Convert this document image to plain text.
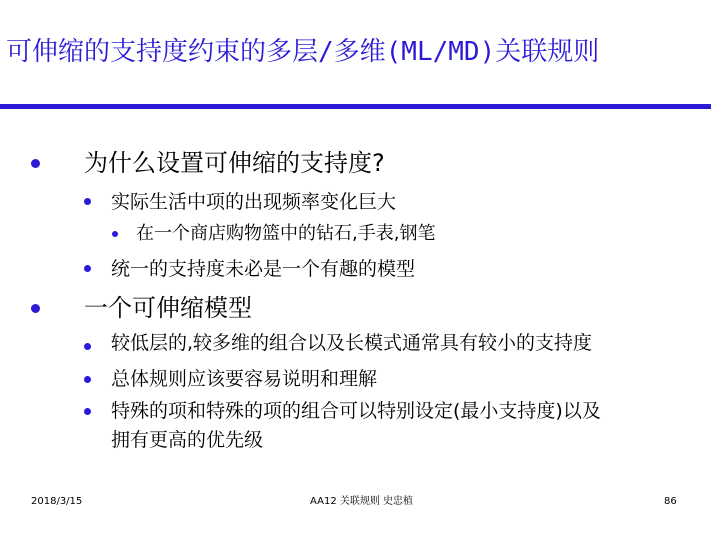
可伸缩的支持度约束的多层/多维(ML/MD)关联规则
为什么设置可伸缩的支持度?
实际生活中项的出现频率变化巨大
在一个商店购物篮中的钻石,手表,钢笔
统一的支持度未必是一个有趣的模型
一个可伸缩模型
较低层的,较多维的组合以及长模式通常具有较小的支持度
总体规则应该要容易说明和理解
特殊的项和特殊的项的组合可以特别设定(最小支持度)以及
拥有更高的优先级
2018/3/15	AA12 关联规则 史忠植	86
